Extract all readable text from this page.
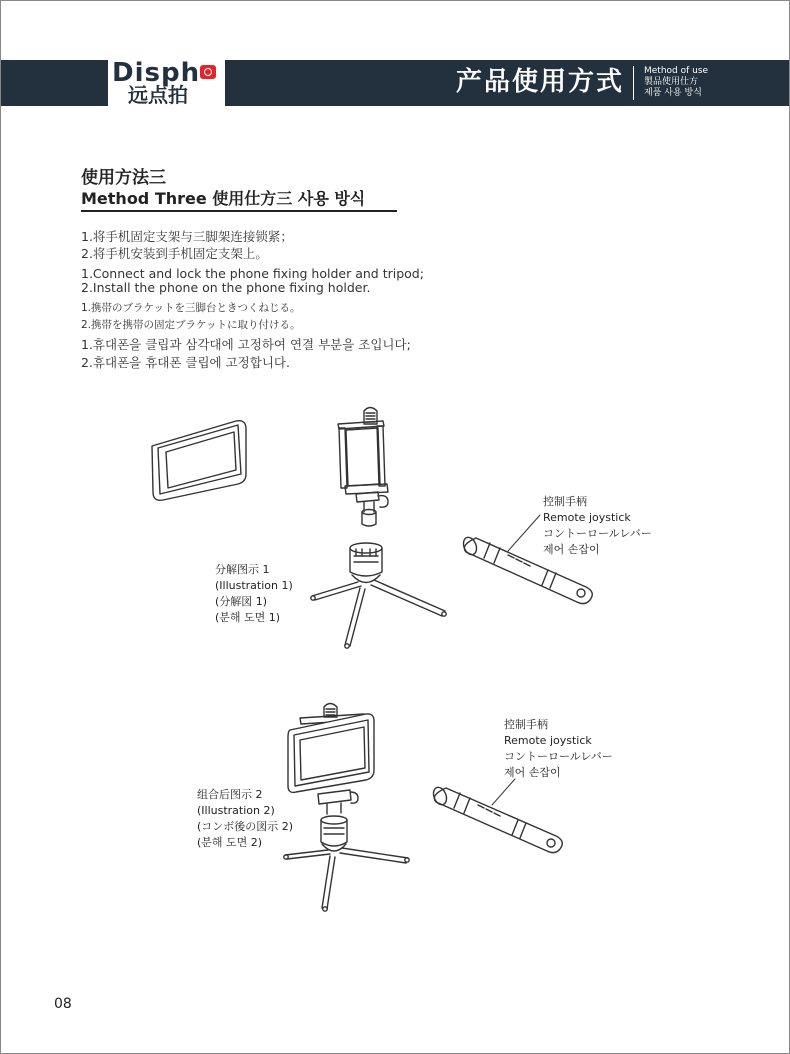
Disph
远点拍	产品使用方式 Method of use
製品使用仕方
제품 사용 방식
使用方法三
Method Three 使用仕方三 사용 방식
1.将手机固定支架与三脚架连接锁紧；
2.将手机安装到手机固定支架上。
1.Connect and lock the phone fixing holder and tripod;
2.Install the phone on the phone fixing holder.
1.携帯のブラケットを三脚台ときつくねじる。
2.携帯を携帯の固定ブラケットに取り付ける。
1.휴대폰을 클립과 삼각대에 고정하여 연결 부분을 조입니다;
2.휴대폰을 휴대폰 클립에 고정합니다.
控制手柄
Remote joystick
コントーロールレバー
제어 손잡이
分解图示 1
(Illustration 1)
(分解図 1)
(분해 도면 1)
控制手柄
Remote joystick
コントーロールレバー
제어 손잡이
组合后图示 2
(Illustration 2)
(コンボ後の図示 2)
(분해 도면 2)
08
